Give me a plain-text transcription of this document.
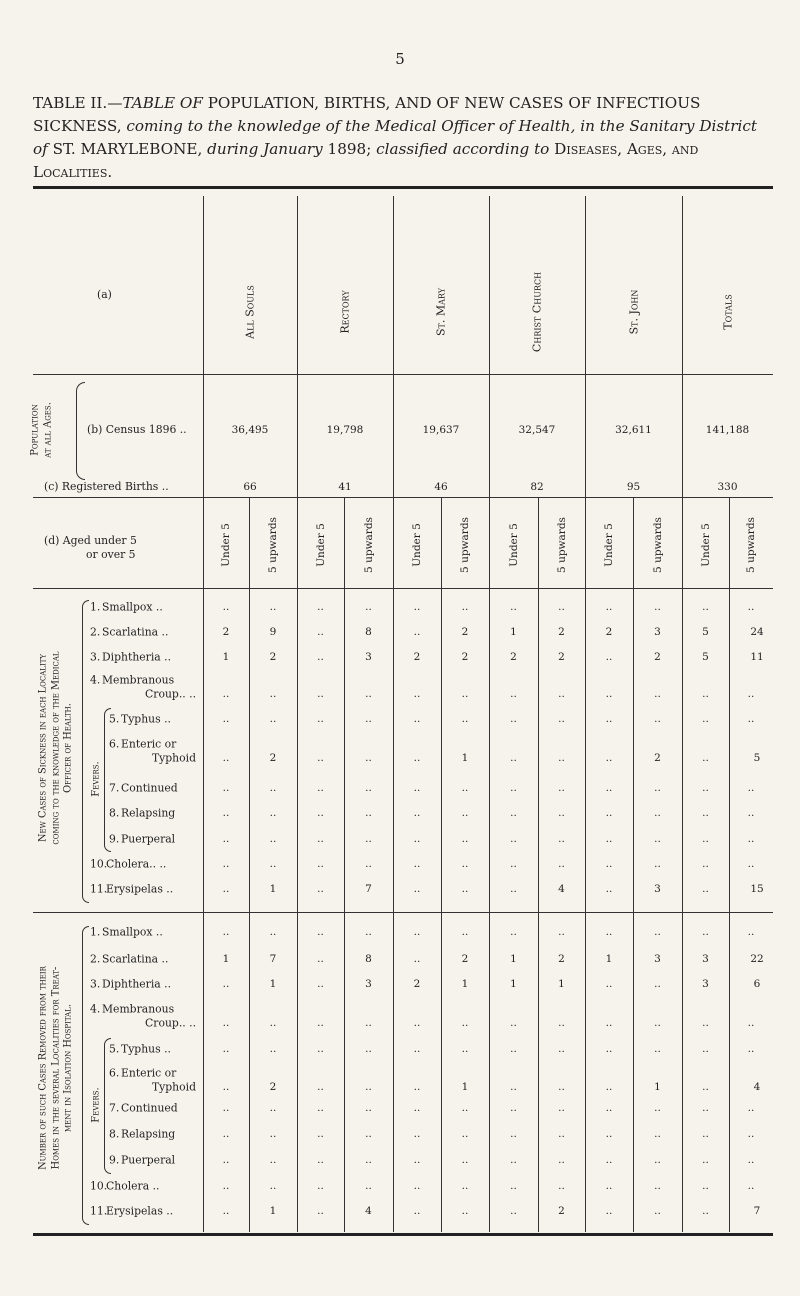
5
TABLE II.—TABLE OF POPULATION, BIRTHS, AND OF NEW CASES OF INFECTIOUS SICKNESS, coming to the knowledge of the Medical Officer of Health, in the Sanitary District of ST. MARYLEBONE, during January 1898; classified according to Diseases, Ages, and Localities.
All Souls	Rectory	St. Mary	Christ Church	St. John	Totals
(a)
Population
at all Ages.
(b) Census 1896 ..	36,495	19,798	19,637	32,547	32,611	141,188
(c) Registered Births ..	66	41	46	82	95	330
(d) Aged under 5
or over 5	Under 5	5 upwards	Under 5	5 upwards	Under 5	5 upwards	Under 5	5 upwards	Under 5	5 upwards	Under 5	5 upwards
New Cases of Sickness in each Locality
coming to the knowledge of the Medical
Officer of Health.
Fevers.
1. Smallpox ..	..	..	..	..	..	..	..	..	..	..	..	..
2. Scarlatina ..	2	9	..	8	..	2	1	2	2	3	5	24
3. Diphtheria ..	1	2	..	3	2	2	2	2	..	2	5	11
4. Membranous
Croup.. ..	..	..	..	..	..	..	..	..	..	..	..	..
5. Typhus ..	..	..	..	..	..	..	..	..	..	..	..	..
6. Enteric or
Typhoid	..	2	..	..	..	1	..	..	..	2	..	5
7. Continued	..	..	..	..	..	..	..	..	..	..	..	..
8. Relapsing	..	..	..	..	..	..	..	..	..	..	..	..
9. Puerperal	..	..	..	..	..	..	..	..	..	..	..	..
10.
Cholera.. ..	..	..	..	..	..	..	..	..	..	..	..	..
11.
Erysipelas ..	..	1	..	7	..	..	..	4	..	3	..	15
Number of such Cases Removed from their
Homes in the several Localities for Treat-
ment in Isolation Hospital.
Fevers.
1. Smallpox ..	..	..	..	..	..	..	..	..	..	..	..	..
2. Scarlatina ..	1	7	..	8	..	2	1	2	1	3	3	22
3. Diphtheria ..	..	1	..	3	2	1	1	1	..	..	3	6
4. Membranous
Croup.. ..	..	..	..	..	..	..	..	..	..	..	..	..
5. Typhus ..	..	..	..	..	..	..	..	..	..	..	..	..
6. Enteric or
Typhoid	..	2	..	..	..	1	..	..	..	1	..	4
7. Continued	..	..	..	..	..	..	..	..	..	..	..	..
8. Relapsing	..	..	..	..	..	..	..	..	..	..	..	..
9. Puerperal	..	..	..	..	..	..	..	..	..	..	..	..
10.
Cholera ..	..	..	..	..	..	..	..	..	..	..	..	..
11.
Erysipelas ..	..	1	..	4	..	..	..	2	..	..	..	7
